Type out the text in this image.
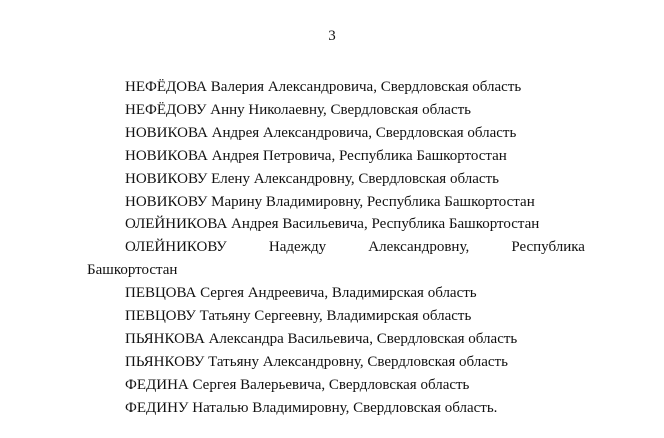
3
НЕФЁДОВА Валерия Александровича, Свердловская область
НЕФЁДОВУ Анну Николаевну, Свердловская область
НОВИКОВА Андрея Александровича, Свердловская область
НОВИКОВА Андрея Петровича, Республика Башкортостан
НОВИКОВУ Елену Александровну, Свердловская область
НОВИКОВУ Марину Владимировну, Республика Башкортостан
ОЛЕЙНИКОВА Андрея Васильевича, Республика Башкортостан
ОЛЕЙНИКОВУ	Надежду	Александровну,	Республика
Башкортостан
ПЕВЦОВА Сергея Андреевича, Владимирская область
ПЕВЦОВУ Татьяну Сергеевну, Владимирская область
ПЬЯНКОВА Александра Васильевича, Свердловская область
ПЬЯНКОВУ Татьяну Александровну, Свердловская область
ФЕДИНА Сергея Валерьевича, Свердловская область
ФЕДИНУ Наталью Владимировну, Свердловская область.
